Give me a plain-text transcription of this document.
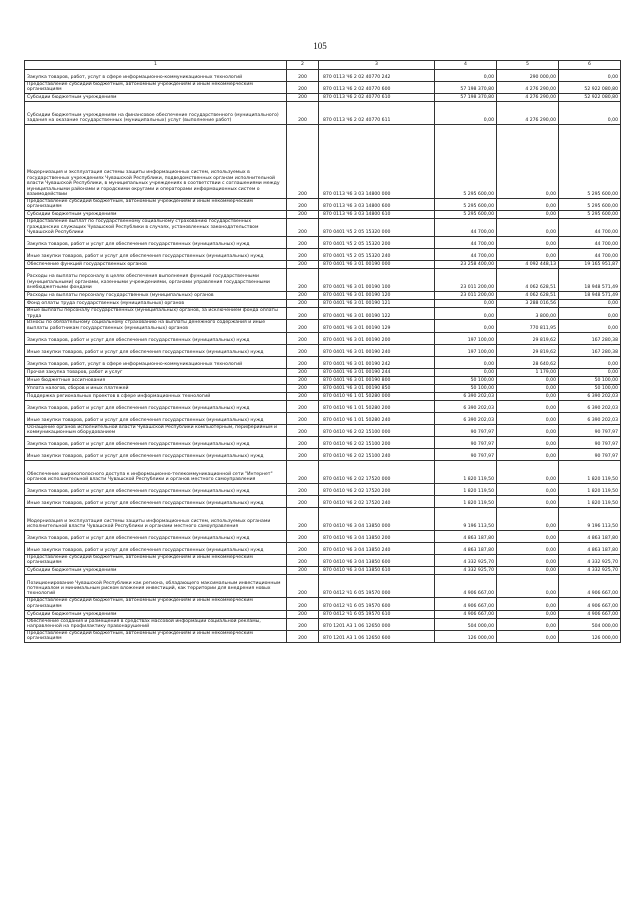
105
1	2	3	4	5	6
Закупка товаров, работ, услуг в сфере информационно-коммуникационных технологий	200	870 0113 Ч6 2 02 40770 242	0,00	290 000,00	0,00
Предоставление субсидий бюджетным, автономным учреждениям и иным некоммерческим организациям	200	870 0113 Ч6 2 02 40770 600	57 198 370,80	4 276 290,00	52 922 080,80
Субсидии бюджетным учреждениям	200	870 0113 Ч6 2 02 40770 610	57 198 370,80	4 276 290,00	52 922 080,80
Субсидии бюджетным учреждениям на финансовое обеспечение государственного (муниципального) задания на оказание государственных (муниципальных) услуг (выполнение работ)	200	870 0113 Ч6 2 02 40770 611	0,00	4 276 290,00	0,00
Модернизация и эксплуатация системы защиты информационных систем, используемых в государственных учреждениях Чувашской Республики, подведомственных органам исполнительной власти Чувашской Республики, в муниципальных учреждениях в соответствии с соглашениями между муниципальными районами и городскими округами и операторами информационных систем о взаимодействии	200	870 0113 Ч6 3 03 14800 000	5 295 600,00	0,00	5 295 600,00
Предоставление субсидий бюджетным, автономным учреждениям и иным некоммерческим организациям	200	870 0113 Ч6 3 03 14800 600	5 295 600,00	0,00	5 295 600,00
Субсидии бюджетным учреждениям	200	870 0113 Ч6 3 03 14800 610	5 295 600,00	0,00	5 295 600,00
Предоставление выплат по государственному социальному страхованию государственных гражданских служащих Чувашской Республики в случаях, установленных законодательством Чувашской Республики	200	870 0401 Ч5 2 05 15320 000	44 700,00	0,00	44 700,00
Закупка товаров, работ и услуг для обеспечения государственных (муниципальных) нужд	200	870 0401 Ч5 2 05 15320 200	44 700,00	0,00	44 700,00
Иные закупки товаров, работ и услуг для обеспечения государственных (муниципальных) нужд	200	870 0401 Ч5 2 05 15320 240	44 700,00	0,00	44 700,00
Обеспечение функций государственных органов	200	870 0401 Ч6 3 01 00190 000	23 258 400,00	4 092 448,13	19 165 951,87
Расходы на выплаты персоналу в целях обеспечения выполнения функций государственными (муниципальными) органами, казенными учреждениями, органами управления государственными внебюджетными фондами	200	870 0401 Ч6 3 01 00190 100	23 011 200,00	4 062 628,51	18 948 571,49
Расходы на выплаты персоналу государственных (муниципальных) органов	200	870 0401 Ч6 3 01 00190 120	23 011 200,00	4 062 628,51	18 948 571,49
Фонд оплаты труда государственных (муниципальных) органов	200	870 0401 Ч6 3 01 00190 121	0,00	3 288 016,56	0,00
Иные выплаты персоналу государственных (муниципальных) органов, за исключением фонда оплаты труда	200	870 0401 Ч6 3 01 00190 122	0,00	3 800,00	0,00
Взносы по обязательному социальному страхованию на выплаты денежного содержания и иные выплаты работникам государственных (муниципальных) органов	200	870 0401 Ч6 3 01 00190 129	0,00	770 811,95	0,00
Закупка товаров, работ и услуг для обеспечения государственных (муниципальных) нужд	200	870 0401 Ч6 3 01 00190 200	197 100,00	29 819,62	167 280,38
Иные закупки товаров, работ и услуг для обеспечения государственных (муниципальных) нужд	200	870 0401 Ч6 3 01 00190 240	197 100,00	29 819,62	167 280,38
Закупка товаров, работ, услуг в сфере информационно-коммуникационных технологий	200	870 0401 Ч6 3 01 00190 242	0,00	28 640,62	0,00
Прочая закупка товаров, работ и услуг	200	870 0401 Ч6 3 01 00190 244	0,00	1 179,00	0,00
Иные бюджетные ассигнования	200	870 0401 Ч6 3 01 00190 800	50 100,00	0,00	50 100,00
Уплата налогов, сборов и иных платежей	200	870 0401 Ч6 3 01 00190 850	50 100,00	0,00	50 100,00
Поддержка региональных проектов в сфере информационных технологий	200	870 0410 Ч6 1 01 50280 000	6 390 202,03	0,00	6 390 202,03
Закупка товаров, работ и услуг для обеспечения государственных (муниципальных) нужд	200	870 0410 Ч6 1 01 50280 200	6 390 202,03	0,00	6 390 202,03
Иные закупки товаров, работ и услуг для обеспечения государственных (муниципальных) нужд	200	870 0410 Ч6 1 01 50280 240	6 390 202,03	0,00	6 390 202,03
Оснащение органов исполнительной власти Чувашской Республики компьютерным, периферийным и коммуникационным оборудованием	200	870 0410 Ч6 2 02 15100 000	90 797,97	0,00	90 797,97
Закупка товаров, работ и услуг для обеспечения государственных (муниципальных) нужд	200	870 0410 Ч6 2 02 15100 200	90 797,97	0,00	90 797,97
Иные закупки товаров, работ и услуг для обеспечения государственных (муниципальных) нужд	200	870 0410 Ч6 2 02 15100 240	90 797,97	0,00	90 797,97
Обеспечение широкополосного доступа к информационно-телекоммуникационной сети "Интернет" органов исполнительной власти Чувашской Республики и органов местного самоуправления	200	870 0410 Ч6 2 02 17520 000	1 820 119,50	0,00	1 820 119,50
Закупка товаров, работ и услуг для обеспечения государственных (муниципальных) нужд	200	870 0410 Ч6 2 02 17520 200	1 820 119,50	0,00	1 820 119,50
Иные закупки товаров, работ и услуг для обеспечения государственных (муниципальных) нужд	200	870 0410 Ч6 2 02 17520 240	1 820 119,50	0,00	1 820 119,50
Модернизация и эксплуатация системы защиты информационных систем, используемых органами исполнительной власти Чувашской Республики и органами местного самоуправления	200	870 0410 Ч6 3 04 13850 000	9 196 113,50	0,00	9 196 113,50
Закупка товаров, работ и услуг для обеспечения государственных (муниципальных) нужд	200	870 0410 Ч6 3 04 13850 200	4 863 187,80	0,00	4 863 187,80
Иные закупки товаров, работ и услуг для обеспечения государственных (муниципальных) нужд	200	870 0410 Ч6 3 04 13850 240	4 863 187,80	0,00	4 863 187,80
Предоставление субсидий бюджетным, автономным учреждениям и иным некоммерческим организациям	200	870 0410 Ч6 3 04 13850 600	4 332 925,70	0,00	4 332 925,70
Субсидии бюджетным учреждениям	200	870 0410 Ч6 3 04 13850 610	4 332 925,70	0,00	4 332 925,70
Позиционирование Чувашской Республики как региона, обладающего максимальным инвестиционным потенциалом и минимальным риском вложения инвестиций, как территории для внедрения новых технологий	200	870 0412 Ч1 6 05 19570 000	4 906 667,00	0,00	4 906 667,00
Предоставление субсидий бюджетным, автономным учреждениям и иным некоммерческим организациям	200	870 0412 Ч1 6 05 19570 600	4 906 667,00	0,00	4 906 667,00
Субсидии бюджетным учреждениям	200	870 0412 Ч1 6 05 19570 610	4 906 667,00	0,00	4 906 667,00
Обеспечение создания и размещения в средствах массовой информации социальной рекламы, направленной на профилактику правонарушений	200	870 1201 А3 1 06 12650 000	504 000,00	0,00	504 000,00
Предоставление субсидий бюджетным, автономным учреждениям и иным некоммерческим организациям	200	870 1201 А3 1 06 12650 600	126 000,00	0,00	126 000,00
